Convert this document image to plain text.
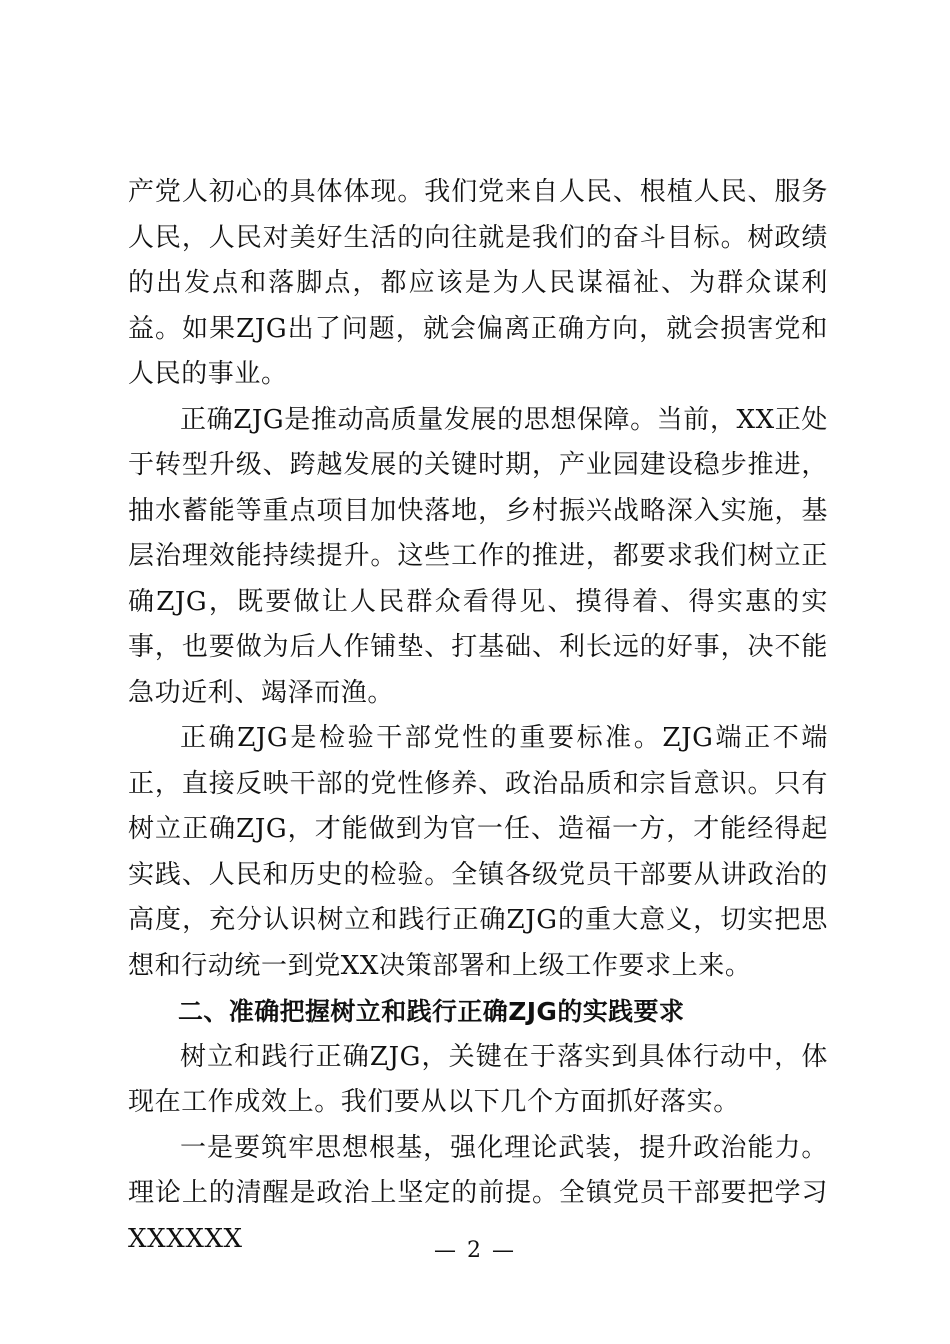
产党人初心的具体体现。我们党来自人民、根植人民、服务人民，人民对美好生活的向往就是我们的奋斗目标。树政绩的出发点和落脚点，都应该是为人民谋福祉、为群众谋利益。如果ZJG出了问题，就会偏离正确方向，就会损害党和人民的事业。

正确ZJG是推动高质量发展的思想保障。当前，XX正处于转型升级、跨越发展的关键时期，产业园建设稳步推进，抽水蓄能等重点项目加快落地，乡村振兴战略深入实施，基层治理效能持续提升。这些工作的推进，都要求我们树立正确ZJG，既要做让人民群众看得见、摸得着、得实惠的实事，也要做为后人作铺垫、打基础、利长远的好事，决不能急功近利、竭泽而渔。

正确ZJG是检验干部党性的重要标准。ZJG端正不端正，直接反映干部的党性修养、政治品质和宗旨意识。只有树立正确ZJG，才能做到为官一任、造福一方，才能经得起实践、人民和历史的检验。全镇各级党员干部要从讲政治的高度，充分认识树立和践行正确ZJG的重大意义，切实把思想和行动统一到党XX决策部署和上级工作要求上来。

二、准确把握树立和践行正确ZJG的实践要求

树立和践行正确ZJG，关键在于落实到具体行动中，体现在工作成效上。我们要从以下几个方面抓好落实。

一是要筑牢思想根基，强化理论武装，提升政治能力。理论上的清醒是政治上坚定的前提。全镇党员干部要把学习XXXXXX	— 2 —
